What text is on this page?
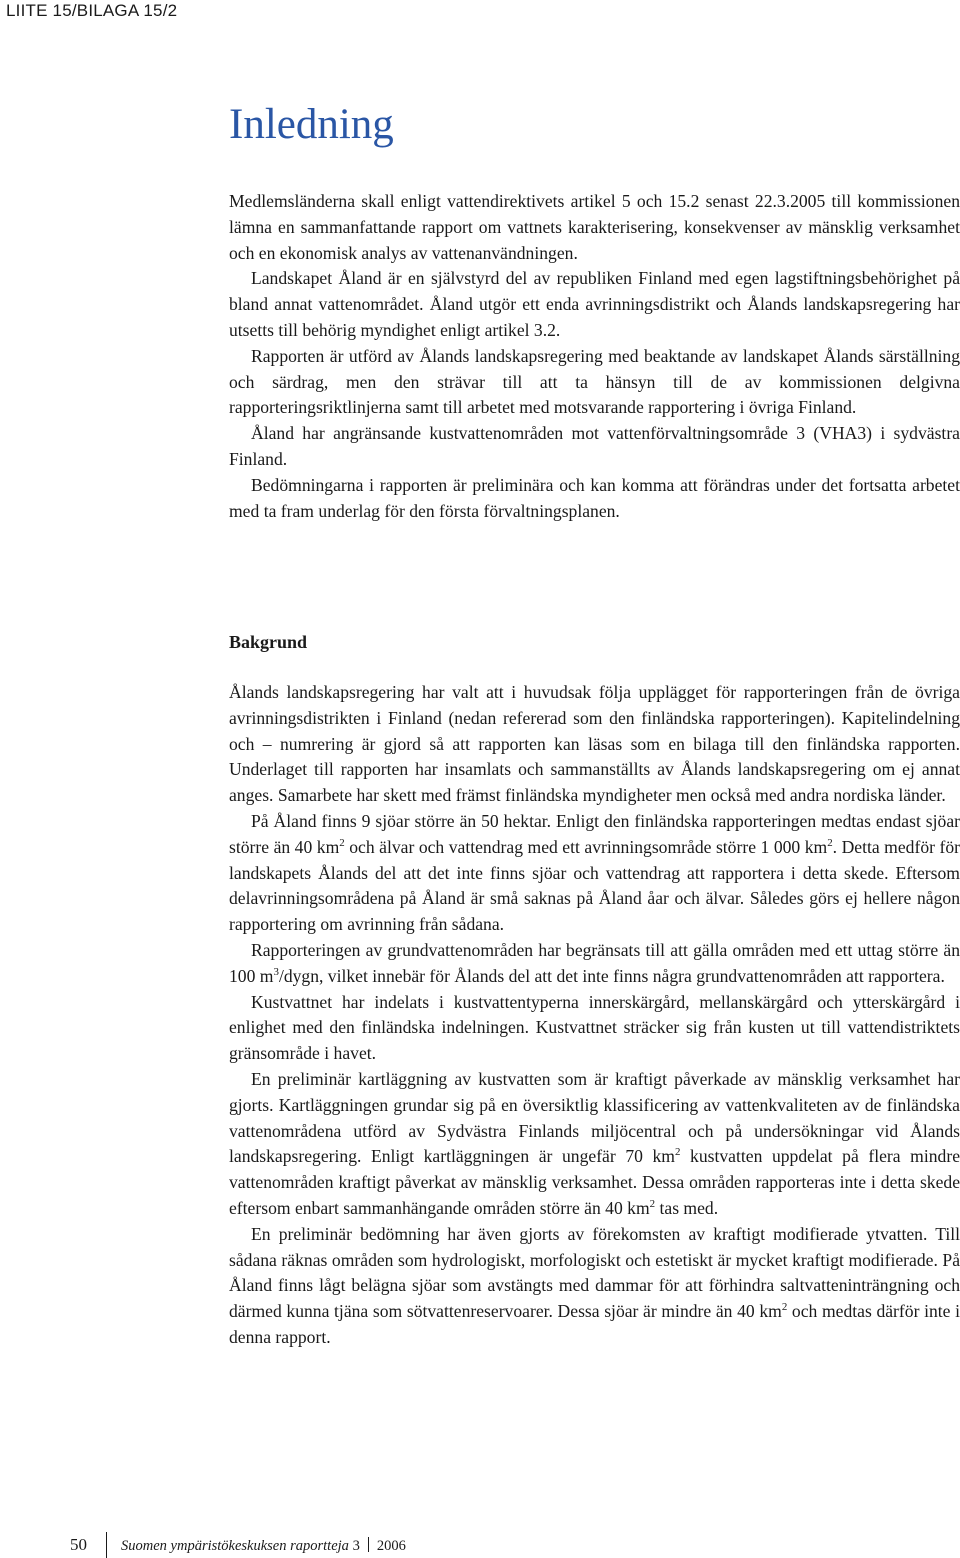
LIITE 15/BILAGA 15/2
Inledning

Medlemsländerna skall enligt vattendirektivets artikel 5 och 15.2 senast 22.3.2005 till kommissionen lämna en sammanfattande rapport om vattnets karakterisering, konsekvenser av mänsklig verksamhet och en ekonomisk analys av vattenanvändningen.

Landskapet Åland är en självstyrd del av republiken Finland med egen lagstiftningsbehörighet på bland annat vattenområdet. Åland utgör ett enda avrinningsdistrikt och Ålands landskapsregering har utsetts till behörig myndighet enligt artikel 3.2.

Rapporten är utförd av Ålands landskapsregering med beaktande av landskapet Ålands särställning och särdrag, men den strävar till att ta hänsyn till de av kommissionen delgivna rapporteringsriktlinjerna samt till arbetet med motsvarande rapportering i övriga Finland.

Åland har angränsande kustvattenområden mot vattenförvaltningsområde 3 (VHA3) i sydvästra Finland.

Bedömningarna i rapporten är preliminära och kan komma att förändras under det fortsatta arbetet med ta fram underlag för den första förvaltningsplanen.

Bakgrund

Ålands landskapsregering har valt att i huvudsak följa upplägget för rapporteringen från de övriga avrinningsdistrikten i Finland (nedan refererad som den finländska rapporteringen). Kapitelindelning och – numrering är gjord så att rapporten kan läsas som en bilaga till den finländska rapporten. Underlaget till rapporten har insamlats och sammanställts av Ålands landskapsregering om ej annat anges. Samarbete har skett med främst finländska myndigheter men också med andra nordiska länder.

På Åland finns 9 sjöar större än 50 hektar. Enligt den finländska rapporteringen medtas endast sjöar större än 40 $km^2$ och älvar och vattendrag med ett avrinningsområde större 1 000 $km^2$. Detta medför för landskapets Ålands del att det inte finns sjöar och vattendrag att rapportera i detta skede. Eftersom delavrinningsområdena på Åland är små saknas på Åland åar och älvar. Således görs ej hellere någon rapportering om avrinning från sådana.

Rapporteringen av grundvattenområden har begränsats till att gälla områden med ett uttag större än 100 $m^3$/dygn, vilket innebär för Ålands del att det inte finns några grundvattenområden att rapportera.

Kustvattnet har indelats i kustvattentyperna innerskärgård, mellanskärgård och ytterskärgård i enlighet med den finländska indelningen. Kustvattnet sträcker sig från kusten ut till vattendistriktets gränsområde i havet.

En preliminär kartläggning av kustvatten som är kraftigt påverkade av mänsklig verksamhet har gjorts. Kartläggningen grundar sig på en översiktlig klassificering av vattenkvaliteten av de finländska vattenområdena utförd av Sydvästra Finlands miljöcentral och på undersökningar vid Ålands landskapsregering. Enligt kartläggningen är ungefär 70 $km^2$ kustvatten uppdelat på flera mindre vattenområden kraftigt påverkat av mänsklig verksamhet. Dessa områden rapporteras inte i detta skede eftersom enbart sammanhängande områden större än 40 $km^2$ tas med.

En preliminär bedömning har även gjorts av förekomsten av kraftigt modifierade ytvatten. Till sådana räknas områden som hydrologiskt, morfologiskt och estetiskt är mycket kraftigt modifierade. På Åland finns lågt belägna sjöar som avstängts med dammar för att förhindra saltvatteninträngning och därmed kunna tjäna som sötvattenreservoarer. Dessa sjöar är mindre än 40 $km^2$ och medtas därför inte i denna rapport.

50 Suomen ympäristökeskuksen raportteja 3 2006
